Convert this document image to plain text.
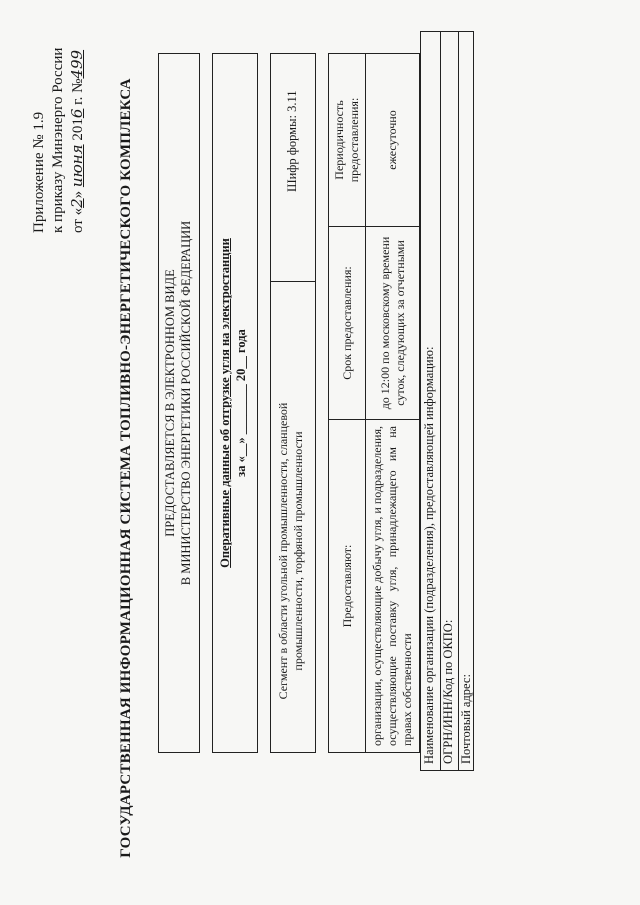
Приложение № 1.9 к приказу Минэнерго России от «2» июня 2016 г. №499
ГОСУДАРСТВЕННАЯ ИНФОРМАЦИОННАЯ СИСТЕМА ТОПЛИВНО-ЭНЕРГЕТИЧЕСКОГО КОМПЛЕКСА ПРЕДОСТАВЛЯЕТСЯ В ЭЛЕКТРОННОМ ВИДЕ В МИНИСТЕРСТВО ЭНЕРГЕТИКИ РОССИЙСКОЙ ФЕДЕРАЦИИ Оперативные данные об отгрузке угля на электростанции за «__» ________ 20__ года Сегмент в области угольной промышленности, сланцевой промышленности, торфяной промышленности
Шифр формы: 3.11
Предоставляют:	Срок предоставления:	Периодичность предоставления:
организации, осуществляющие добычу угля, и подразделения, осуществляющие поставку угля, принадлежащего им на правах собственности	до 12:00 по московскому времени суток, следующих за отчетными	ежесуточно
Наименование организации (подразделения), предоставляющей информацию: ОГРН/ИНН/Код по ОКПО: Почтовый адрес:
